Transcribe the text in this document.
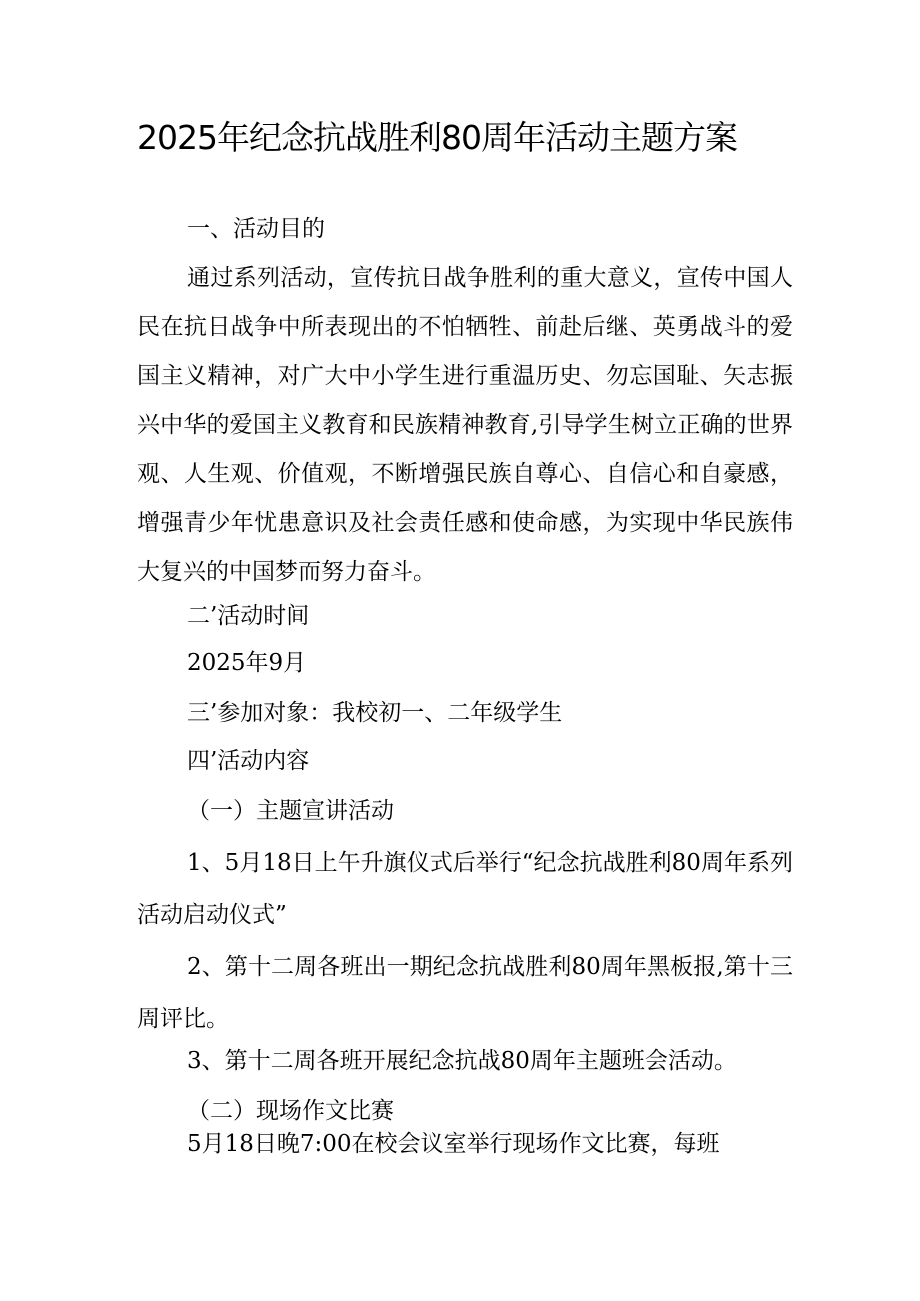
2025年纪念抗战胜利80周年活动主题方案

一、活动目的

通过系列活动，宣传抗日战争胜利的重大意义，宣传中国人民在抗日战争中所表现出的不怕牺牲、前赴后继、英勇战斗的爱国主义精神，对广大中小学生进行重温历史、勿忘国耻、矢志振兴中华的爱国主义教育和民族精神教育,引导学生树立正确的世界观、人生观、价值观，不断增强民族自尊心、自信心和自豪感，增强青少年忧患意识及社会责任感和使命感，为实现中华民族伟大复兴的中国梦而努力奋斗。

二’活动时间

2025年9月

三’参加对象：我校初一、二年级学生

四’活动内容

（一）主题宣讲活动

1、5月18日上午升旗仪式后举行“纪念抗战胜利80周年系列活动启动仪式”

2、第十二周各班出一期纪念抗战胜利80周年黑板报,第十三周评比。

3、第十二周各班开展纪念抗战80周年主题班会活动。

（二）现场作文比赛

5月18日晚7:00在校会议室举行现场作文比赛，每班
